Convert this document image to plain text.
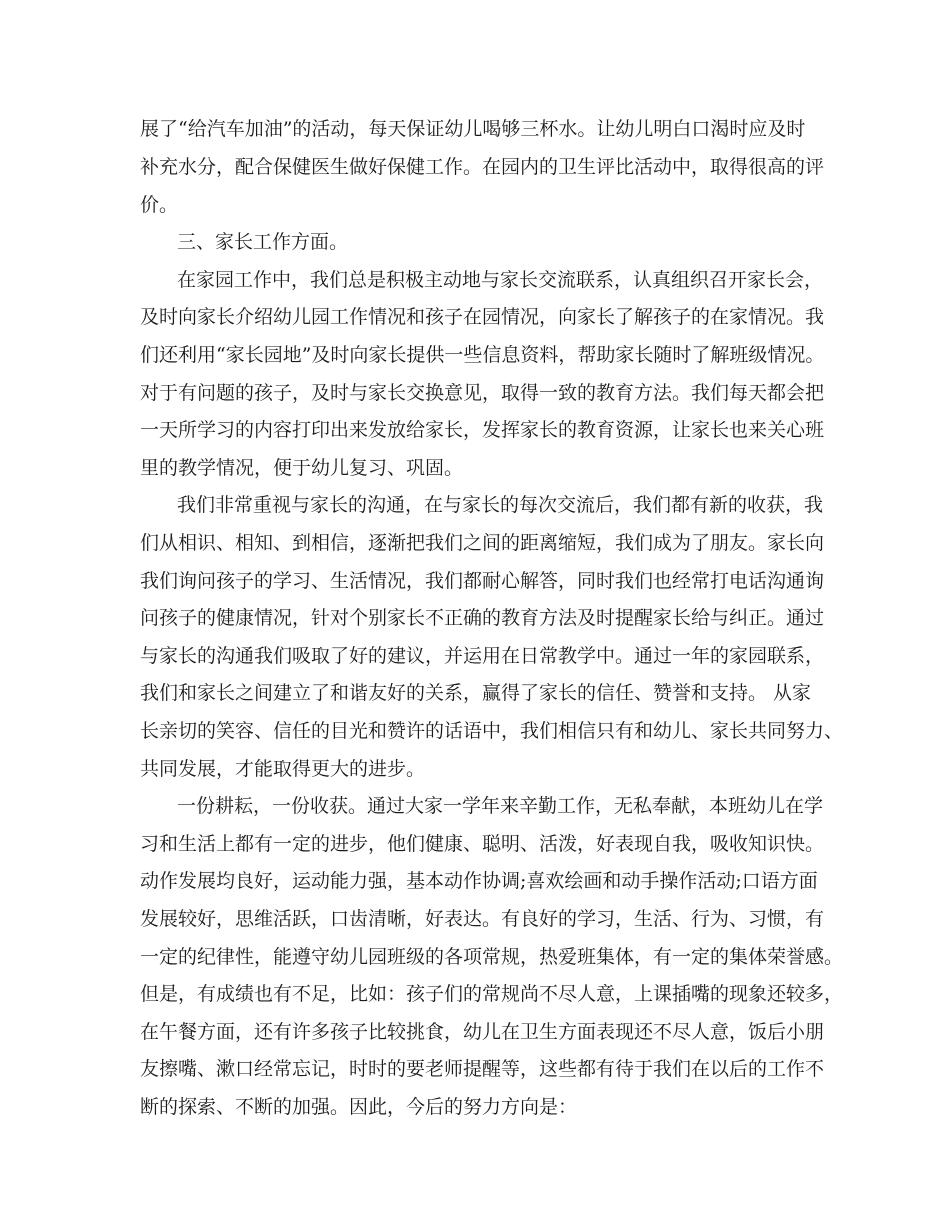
展了“给汽车加油”的活动，每天保证幼儿喝够三杯水。让幼儿明白口渴时应及时
补充水分，配合保健医生做好保健工作。在园内的卫生评比活动中，取得很高的评
价。
三、家长工作方面。
在家园工作中，我们总是积极主动地与家长交流联系，认真组织召开家长会，
及时向家长介绍幼儿园工作情况和孩子在园情况，向家长了解孩子的在家情况。我
们还利用“家长园地”及时向家长提供一些信息资料，帮助家长随时了解班级情况。
对于有问题的孩子，及时与家长交换意见，取得一致的教育方法。我们每天都会把
一天所学习的内容打印出来发放给家长，发挥家长的教育资源，让家长也来关心班
里的教学情况，便于幼儿复习、巩固。
我们非常重视与家长的沟通，在与家长的每次交流后，我们都有新的收获，我
们从相识、相知、到相信，逐渐把我们之间的距离缩短，我们成为了朋友。家长向
我们询问孩子的学习、生活情况，我们都耐心解答，同时我们也经常打电话沟通询
问孩子的健康情况，针对个别家长不正确的教育方法及时提醒家长给与纠正。通过
与家长的沟通我们吸取了好的建议，并运用在日常教学中。通过一年的家园联系，
我们和家长之间建立了和谐友好的关系，赢得了家长的信任、赞誉和支持。 从家
长亲切的笑容、信任的目光和赞许的话语中，我们相信只有和幼儿、家长共同努力、
共同发展，才能取得更大的进步。
一份耕耘，一份收获。通过大家一学年来辛勤工作，无私奉献，本班幼儿在学
习和生活上都有一定的进步，他们健康、聪明、活泼，好表现自我，吸收知识快。
动作发展均良好，运动能力强，基本动作协调;喜欢绘画和动手操作活动;口语方面
发展较好，思维活跃，口齿清晰，好表达。有良好的学习，生活、行为、习惯，有
一定的纪律性，能遵守幼儿园班级的各项常规，热爱班集体，有一定的集体荣誉感。
但是，有成绩也有不足，比如：孩子们的常规尚不尽人意，上课插嘴的现象还较多，
在午餐方面，还有许多孩子比较挑食，幼儿在卫生方面表现还不尽人意，饭后小朋
友擦嘴、漱口经常忘记，时时的要老师提醒等，这些都有待于我们在以后的工作不
断的探索、不断的加强。因此，今后的努力方向是：
